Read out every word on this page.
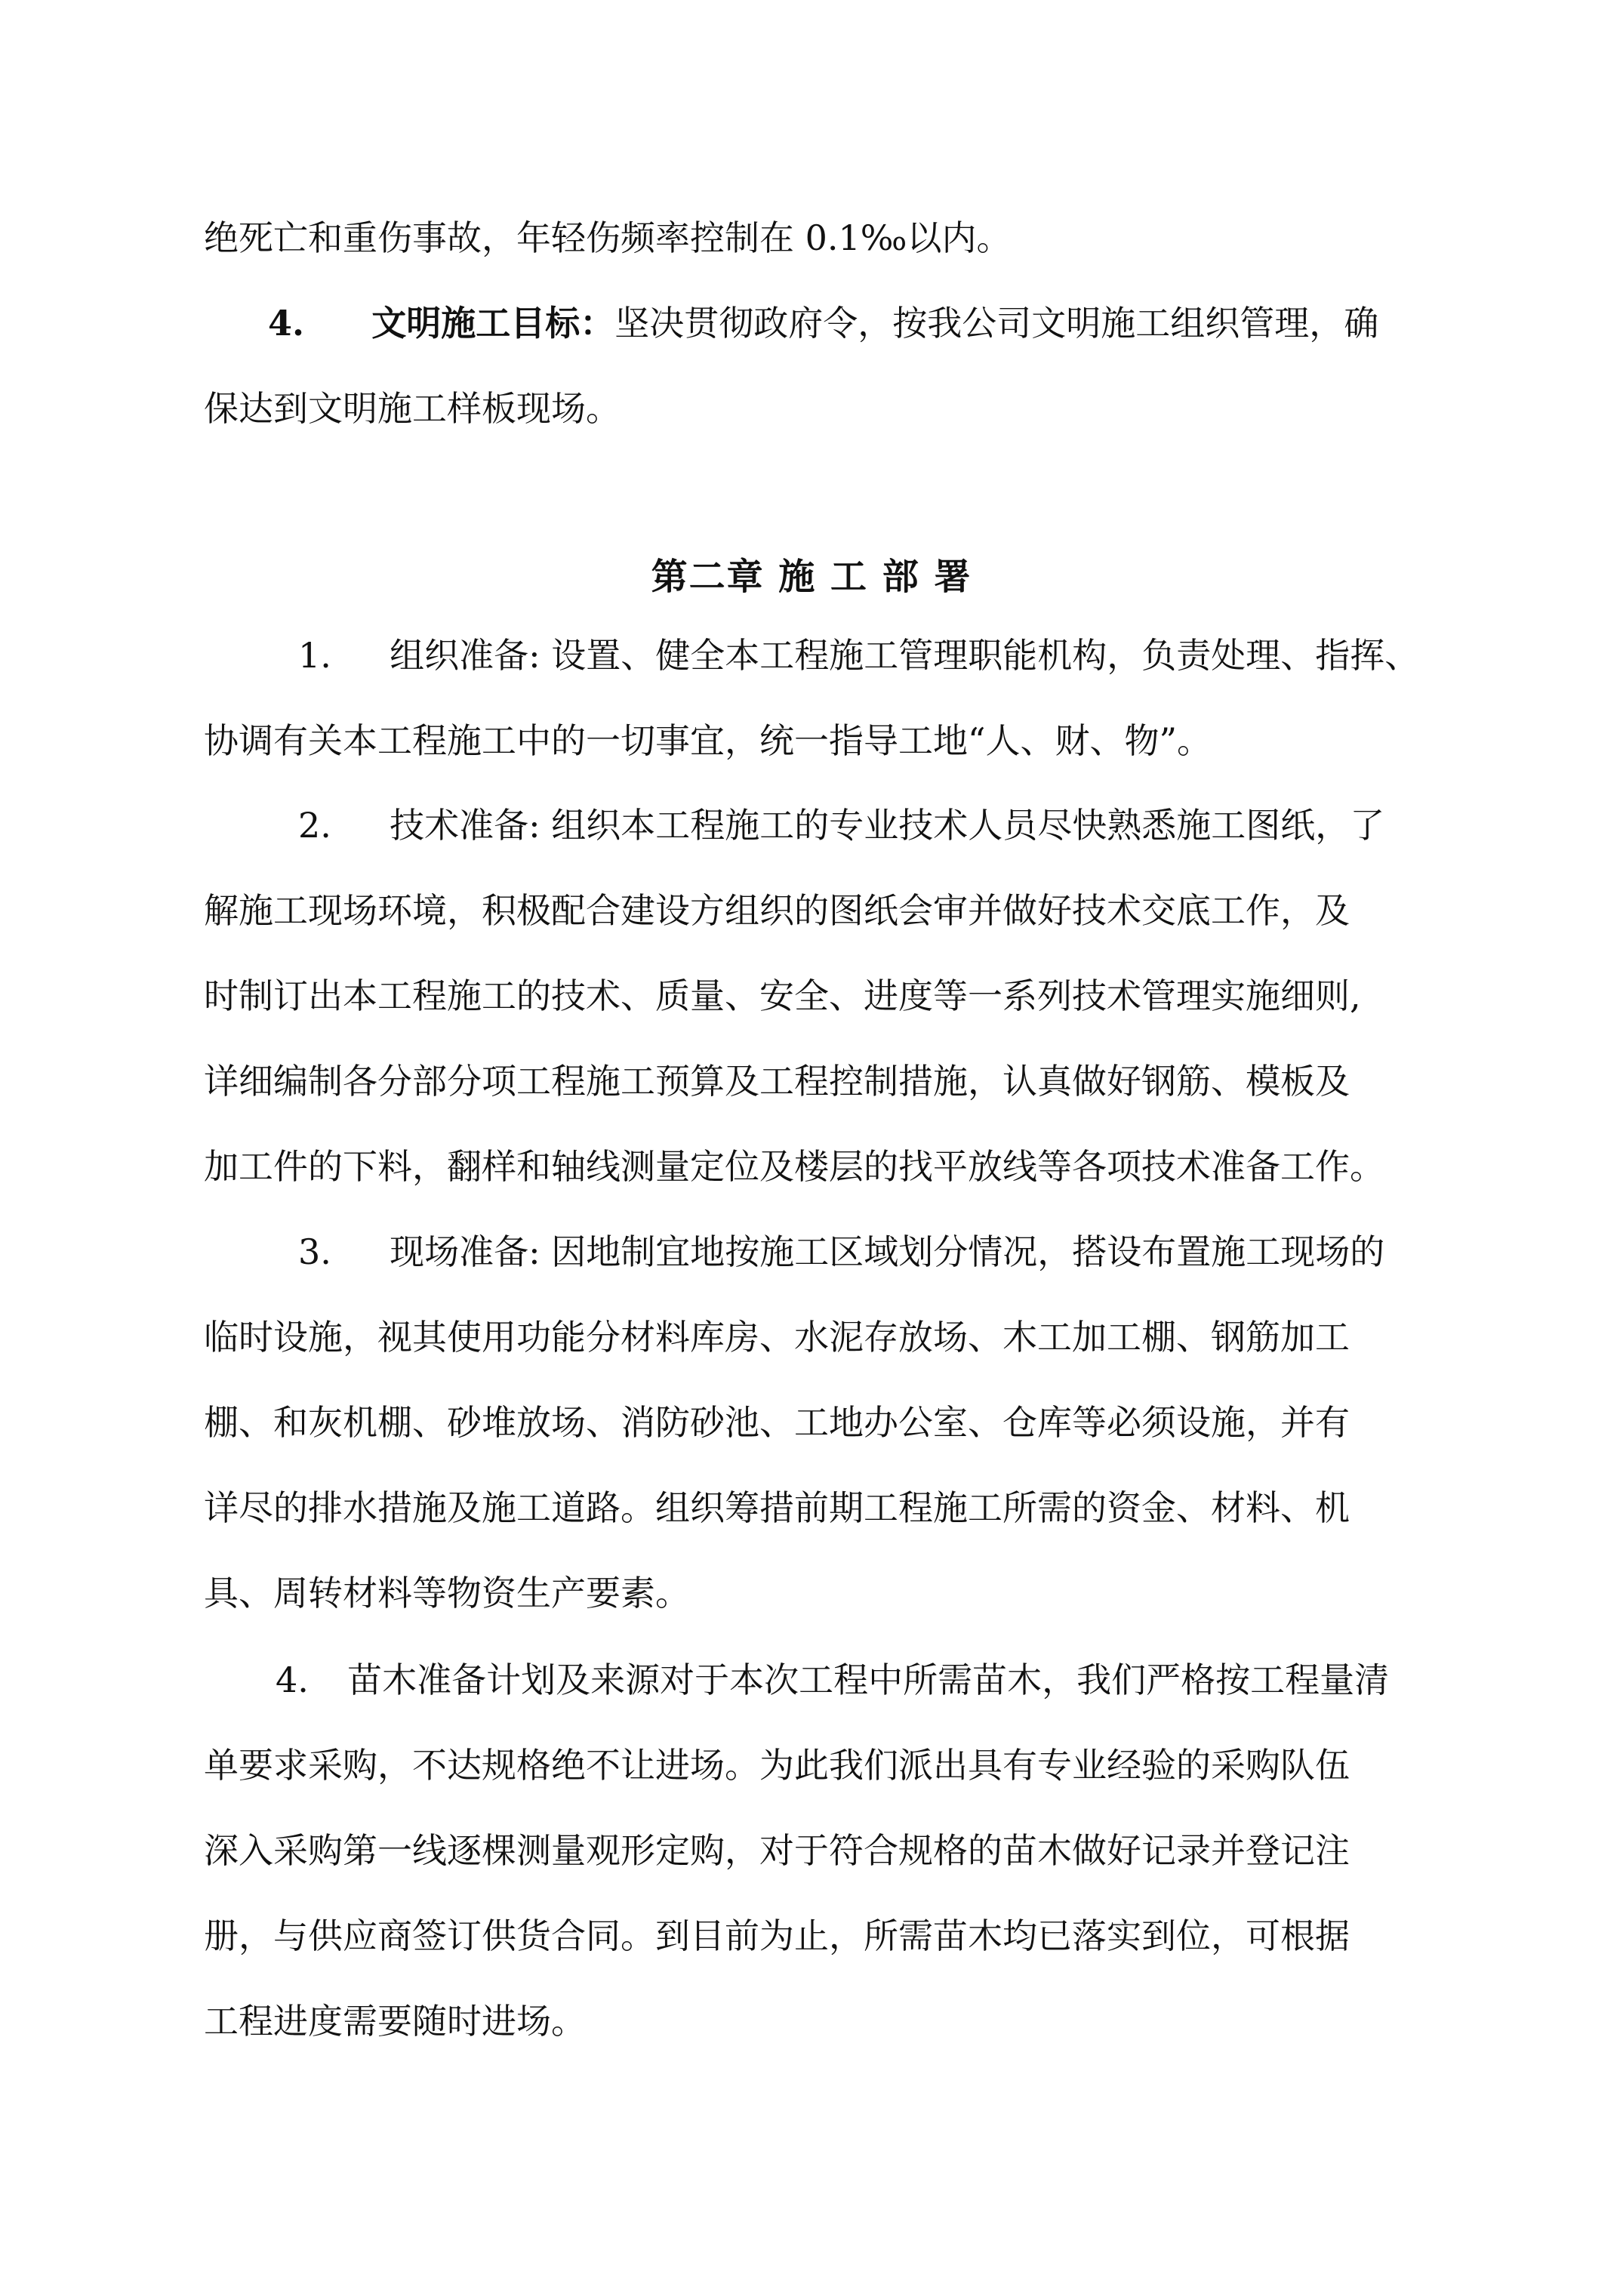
绝死亡和重伤事故，年轻伤频率控制在 0.1‰以内。
4. 文明施工目标：坚决贯彻政府令，按我公司文明施工组织管理，确
保达到文明施工样板现场。
第二章 施 工 部 署
1. 组织准备: 设置、健全本工程施工管理职能机构，负责处理、指挥、
协调有关本工程施工中的一切事宜，统一指导工地“人、财、物”。
2. 技术准备: 组织本工程施工的专业技术人员尽快熟悉施工图纸，了
解施工现场环境，积极配合建设方组织的图纸会审并做好技术交底工作，及
时制订出本工程施工的技术、质量、安全、进度等一系列技术管理实施细则,
详细编制各分部分项工程施工预算及工程控制措施，认真做好钢筋、模板及
加工件的下料，翻样和轴线测量定位及楼层的找平放线等各项技术准备工作。
3. 现场准备: 因地制宜地按施工区域划分情况，搭设布置施工现场的
临时设施，视其使用功能分材料库房、水泥存放场、木工加工棚、钢筋加工
棚、和灰机棚、砂堆放场、消防砂池、工地办公室、仓库等必须设施，并有
详尽的排水措施及施工道路。组织筹措前期工程施工所需的资金、材料、机
具、周转材料等物资生产要素。
4. 苗木准备计划及来源对于本次工程中所需苗木，我们严格按工程量清
单要求采购，不达规格绝不让进场。为此我们派出具有专业经验的采购队伍
深入采购第一线逐棵测量观形定购，对于符合规格的苗木做好记录并登记注
册，与供应商签订供货合同。到目前为止，所需苗木均已落实到位，可根据
工程进度需要随时进场。
